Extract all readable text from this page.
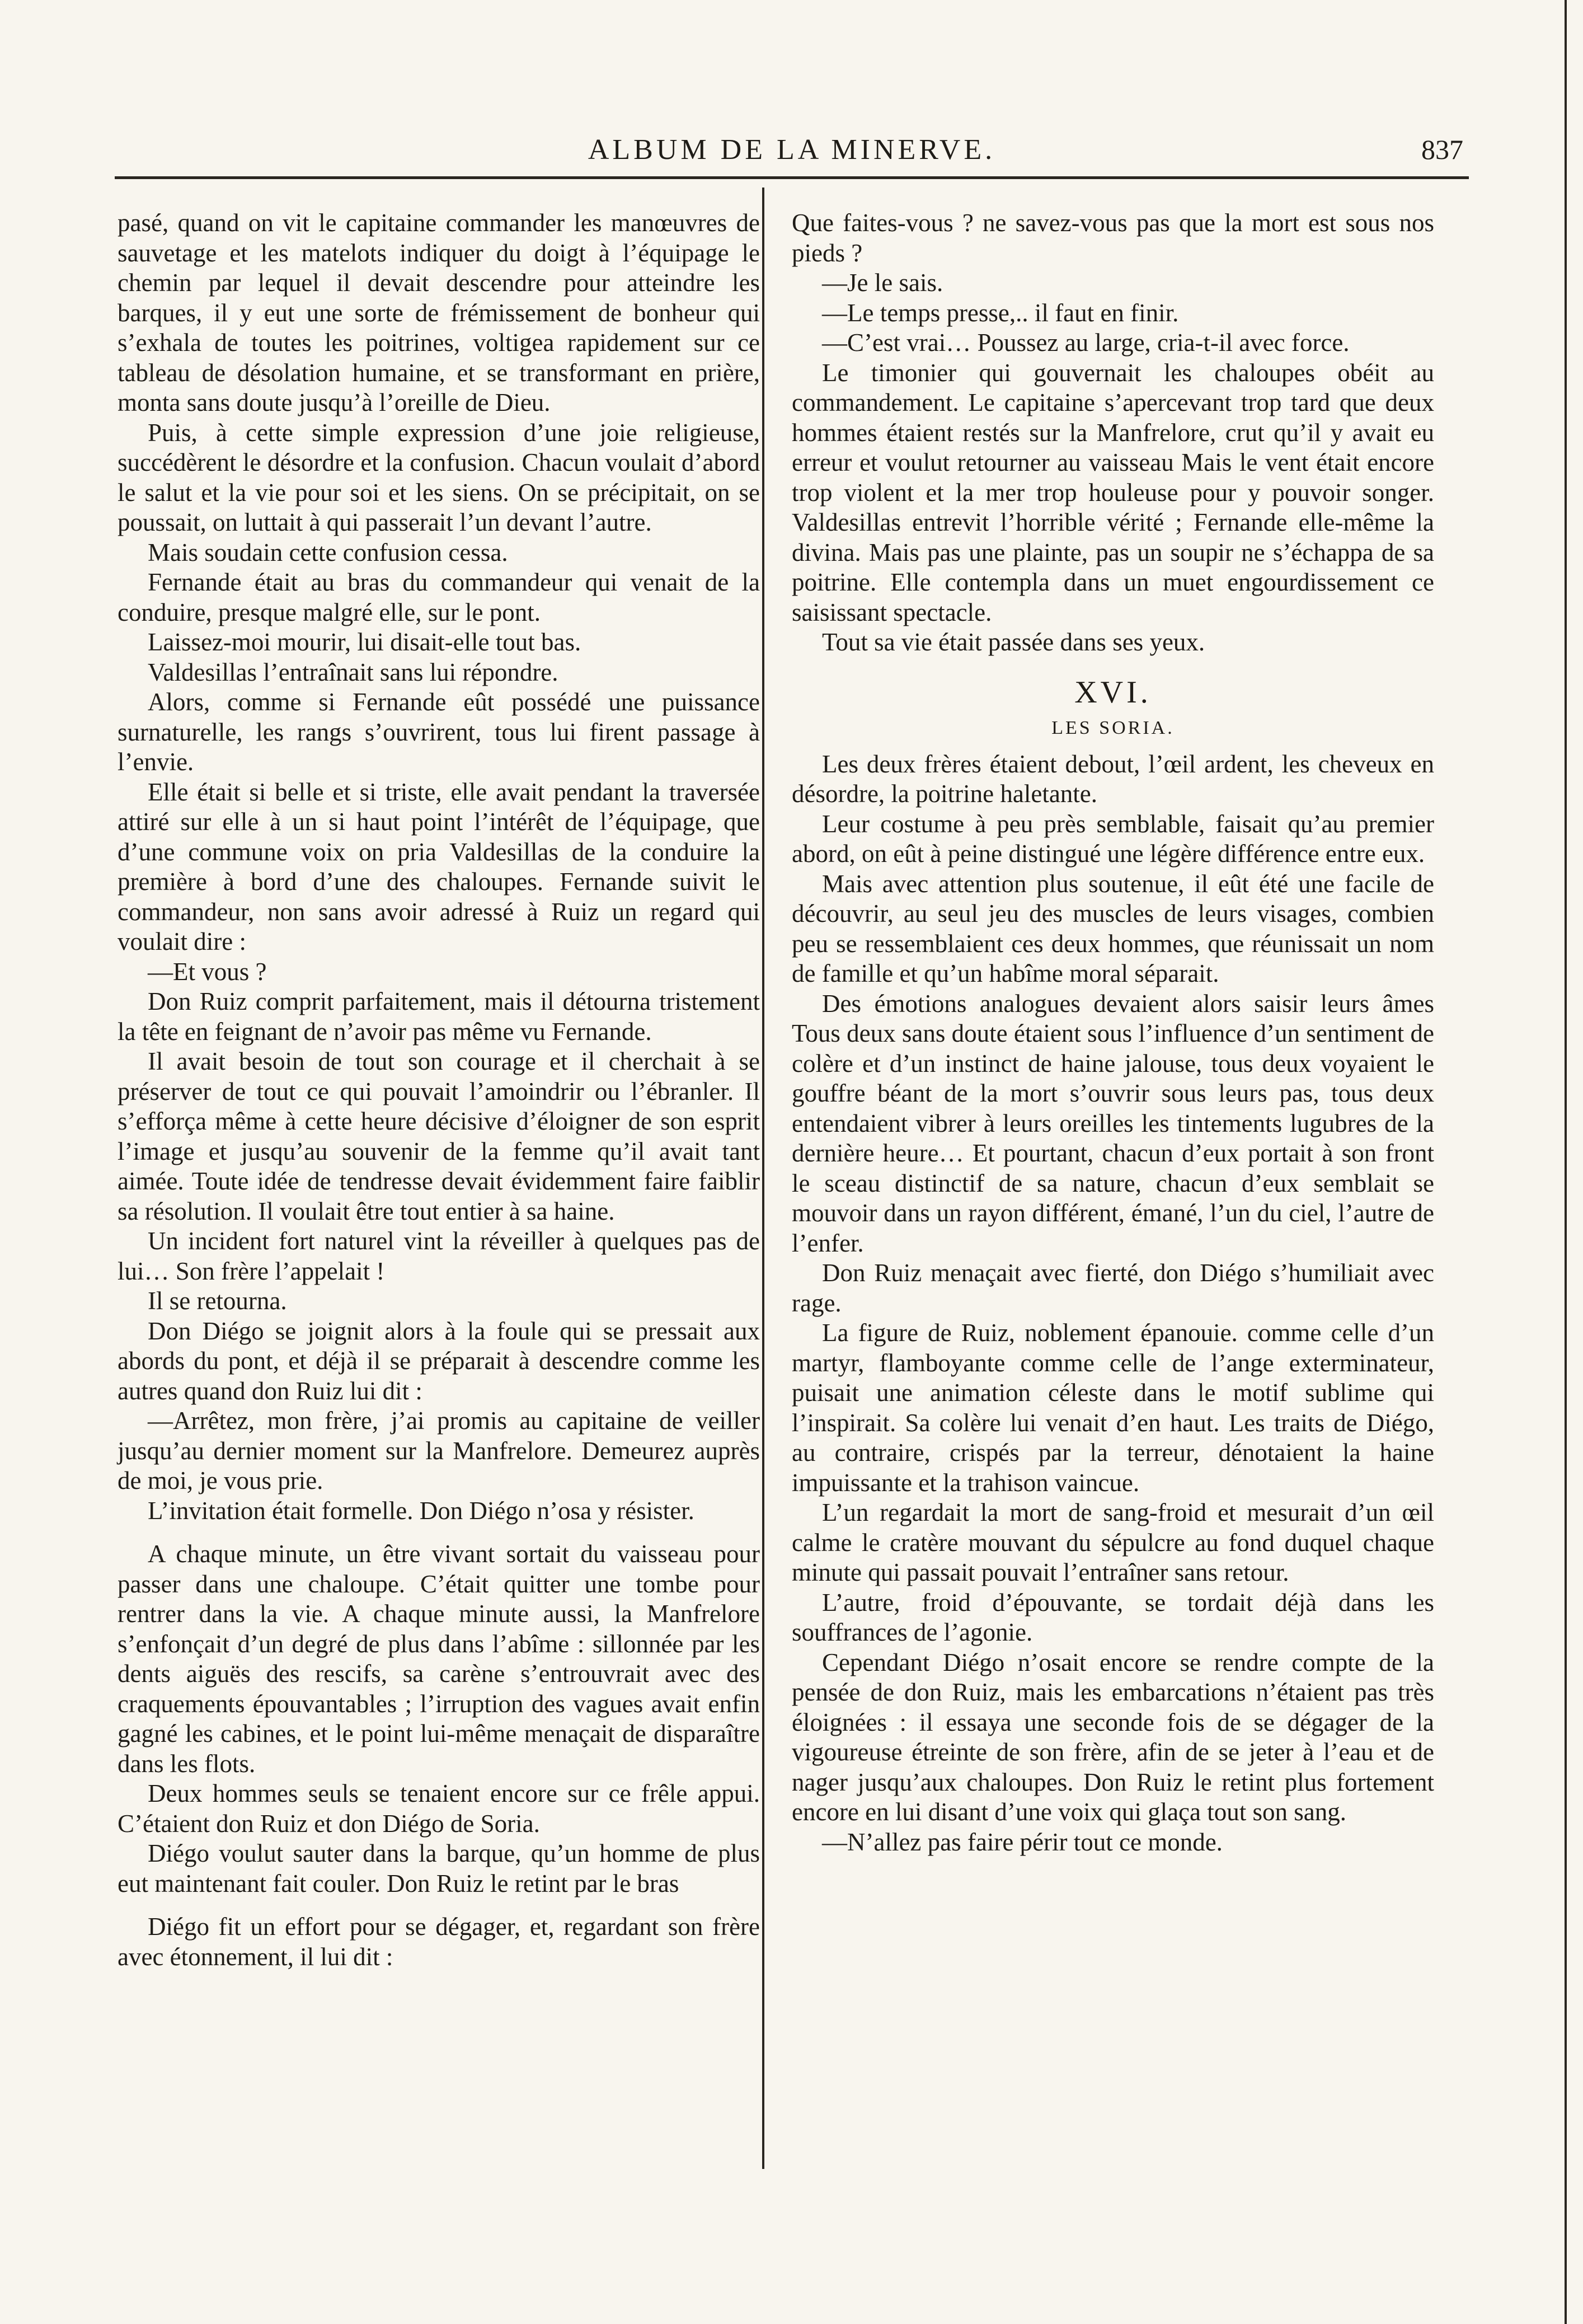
ALBUM DE LA MINERVE.	837

pasé, quand on vit le capitaine commander les manœuvres de sauvetage et les matelots indiquer du doigt à l’équipage le chemin par lequel il devait descendre pour atteindre les barques, il y eut une sorte de frémissement de bonheur qui s’exhala de toutes les poitrines, voltigea rapidement sur ce tableau de désolation humaine, et se transformant en prière, monta sans doute jusqu’à l’oreille de Dieu.

Puis, à cette simple expression d’une joie religieuse, succédèrent le désordre et la confusion. Chacun voulait d’abord le salut et la vie pour soi et les siens. On se précipitait, on se poussait, on luttait à qui passerait l’un devant l’autre.

Mais soudain cette confusion cessa.

Fernande était au bras du commandeur qui venait de la conduire, presque malgré elle, sur le pont.

Laissez-moi mourir, lui disait-elle tout bas.

Valdesillas l’entraînait sans lui répondre.

Alors, comme si Fernande eût possédé une puissance surnaturelle, les rangs s’ouvrirent, tous lui firent passage à l’envie.

Elle était si belle et si triste, elle avait pendant la traversée attiré sur elle à un si haut point l’intérêt de l’équipage, que d’une commune voix on pria Valdesillas de la conduire la première à bord d’une des chaloupes. Fernande suivit le commandeur, non sans avoir adressé à Ruiz un regard qui voulait dire :

—Et vous ?

Don Ruiz comprit parfaitement, mais il détourna tristement la tête en feignant de n’avoir pas même vu Fernande.

Il avait besoin de tout son courage et il cherchait à se préserver de tout ce qui pouvait l’amoindrir ou l’ébranler. Il s’efforça même à cette heure décisive d’éloigner de son esprit l’image et jusqu’au souvenir de la femme qu’il avait tant aimée. Toute idée de tendresse devait évidemment faire faiblir sa résolution. Il voulait être tout entier à sa haine.

Un incident fort naturel vint la réveiller à quelques pas de lui… Son frère l’appelait !

Il se retourna.

Don Diégo se joignit alors à la foule qui se pressait aux abords du pont, et déjà il se préparait à descendre comme les autres quand don Ruiz lui dit :

—Arrêtez, mon frère, j’ai promis au capitaine de veiller jusqu’au dernier moment sur la Manfrelore. Demeurez auprès de moi, je vous prie.

L’invitation était formelle. Don Diégo n’osa y résister.

A chaque minute, un être vivant sortait du vaisseau pour passer dans une chaloupe. C’était quitter une tombe pour rentrer dans la vie. A chaque minute aussi, la Manfrelore s’enfonçait d’un degré de plus dans l’abîme : sillonnée par les dents aiguës des rescifs, sa carène s’entrouvrait avec des craquements épouvantables ; l’irruption des vagues avait enfin gagné les cabines, et le point lui-même menaçait de disparaître dans les flots.

Deux hommes seuls se tenaient encore sur ce frêle appui. C’étaient don Ruiz et don Diégo de Soria.

Diégo voulut sauter dans la barque, qu’un homme de plus eut maintenant fait couler. Don Ruiz le retint par le bras

Diégo fit un effort pour se dégager, et, regardant son frère avec étonnement, il lui dit :

Que faites-vous ? ne savez-vous pas que la mort est sous nos pieds ?

—Je le sais.

—Le temps presse,.. il faut en finir.

—C’est vrai… Poussez au large, cria-t-il avec force.

Le timonier qui gouvernait les chaloupes obéit au commandement. Le capitaine s’apercevant trop tard que deux hommes étaient restés sur la Manfrelore, crut qu’il y avait eu erreur et voulut retourner au vaisseau Mais le vent était encore trop violent et la mer trop houleuse pour y pouvoir songer. Valdesillas entrevit l’horrible vérité ; Fernande elle-même la divina. Mais pas une plainte, pas un soupir ne s’échappa de sa poitrine. Elle contempla dans un muet engourdissement ce saisissant spectacle.

Tout sa vie était passée dans ses yeux.

XVI.
LES SORIA.

Les deux frères étaient debout, l’œil ardent, les cheveux en désordre, la poitrine haletante.

Leur costume à peu près semblable, faisait qu’au premier abord, on eût à peine distingué une légère différence entre eux.

Mais avec attention plus soutenue, il eût été une facile de découvrir, au seul jeu des muscles de leurs visages, combien peu se ressemblaient ces deux hommes, que réunissait un nom de famille et qu’un habîme moral séparait.

Des émotions analogues devaient alors saisir leurs âmes Tous deux sans doute étaient sous l’influence d’un sentiment de colère et d’un instinct de haine jalouse, tous deux voyaient le gouffre béant de la mort s’ouvrir sous leurs pas, tous deux entendaient vibrer à leurs oreilles les tintements lugubres de la dernière heure… Et pourtant, chacun d’eux portait à son front le sceau distinctif de sa nature, chacun d’eux semblait se mouvoir dans un rayon différent, émané, l’un du ciel, l’autre de l’enfer.

Don Ruiz menaçait avec fierté, don Diégo s’humiliait avec rage.

La figure de Ruiz, noblement épanouie. comme celle d’un martyr, flamboyante comme celle de l’ange exterminateur, puisait une animation céleste dans le motif sublime qui l’inspirait. Sa colère lui venait d’en haut. Les traits de Diégo, au contraire, crispés par la terreur, dénotaient la haine impuissante et la trahison vaincue.

L’un regardait la mort de sang-froid et mesurait d’un œil calme le cratère mouvant du sépulcre au fond duquel chaque minute qui passait pouvait l’entraîner sans retour.

L’autre, froid d’épouvante, se tordait déjà dans les souffrances de l’agonie.

Cependant Diégo n’osait encore se rendre compte de la pensée de don Ruiz, mais les embarcations n’étaient pas très éloignées : il essaya une seconde fois de se dégager de la vigoureuse étreinte de son frère, afin de se jeter à l’eau et de nager jusqu’aux chaloupes. Don Ruiz le retint plus fortement encore en lui disant d’une voix qui glaça tout son sang.

—N’allez pas faire périr tout ce monde.
